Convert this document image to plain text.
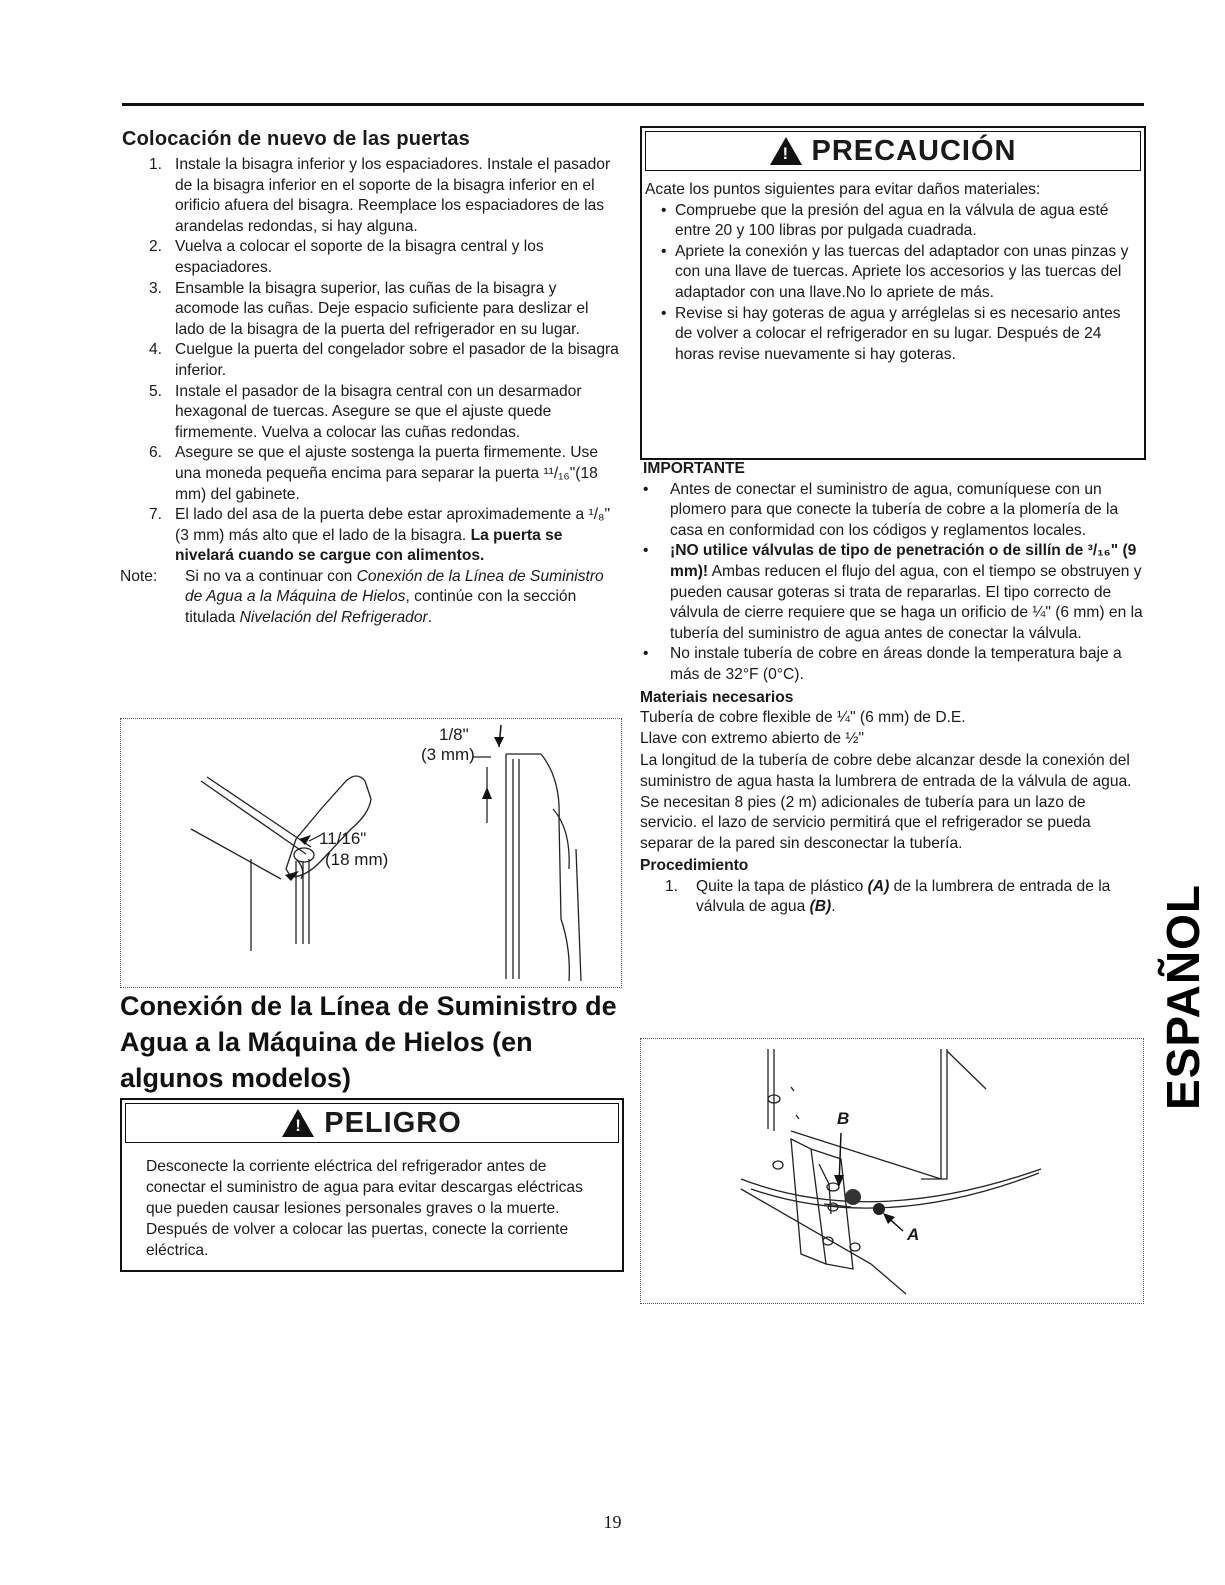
Colocación de nuevo de las puertas
1 . Instale la bisagra inferior y los espaciadores. Instale el pasador de la bisagra inferior en el soporte de la bisagra inferior en el orificio afuera del bisagra. Reemplace los espaciadores de las arandelas redondas, si hay alguna.
2 . Vuelva a colocar el soporte de la bisagra central y los espaciadores.
3 . Ensamble la bisagra superior, las cuñas de la bisagra y acomode las cuñas. Deje espacio suficiente para deslizar el lado de la bisagra de la puerta del refrigerador en su lugar.
4 . Cuelgue la puerta del congelador sobre el pasador de la bisagra inferior.
5 . Instale el pasador de la bisagra central con un desarmador hexagonal de tuercas. Asegure se que el ajuste quede firmemente. Vuelva a colocar las cuñas redondas.
6 . Asegure se que el ajuste sostenga la puerta firmemente. Use una moneda pequeña encima para separar la puerta ¹¹/₁₆"(18 mm) del gabinete.
7 . El lado del asa de la puerta debe estar aproximademente a ¹/₈" (3 mm) más alto que el lado de la bisagra. La puerta se nivelará cuando se cargue con alimentos.
Note: Si no va a continuar con Conexión de la Línea de Suministro de Agua a la Máquina de Hielos, continúe con la sección titulada Nivelación del Refrigerador.
1/8"
(3 mm)
11/16"
(18 mm)
Conexión de la Línea de Suministro de Agua a la Máquina de Hielos (en algunos modelos)
!
PELIGRO
Desconecte la corriente eléctrica del refrigerador antes de conectar el suministro de agua para evitar descargas eléctricas que pueden causar lesiones personales graves o la muerte. Después de volver a colocar las puertas, conecte la corriente eléctrica.
!
PRECAUCIÓN
Acate los puntos siguientes para evitar daños materiales:
• Compruebe que la presión del agua en la válvula de agua esté entre 20 y 100 libras por pulgada cuadrada.
• Apriete la conexión y las tuercas del adaptador con unas pinzas y con una llave de tuercas. Apriete los accesorios y las tuercas del adaptador con una llave.No lo apriete de más.
• Revise si hay goteras de agua y arréglelas si es necesario antes de volver a colocar el refrigerador en su lugar. Después de 24 horas revise nuevamente si hay goteras.
IMPORTANTE
• Antes de conectar el suministro de agua, comuníquese con un plomero para que conecte la tubería de cobre a la plomería de la casa en conformidad con los códigos y reglamentos locales.
• ¡NO utilice válvulas de tipo de penetración o de sillín de ³/₁₆" (9 mm)! Ambas reducen el flujo del agua, con el tiempo se obstruyen y pueden causar goteras si trata de repararlas. El tipo correcto de válvula de cierre requiere que se haga un orificio de ¼" (6 mm) en la tubería del suministro de agua antes de conectar la válvula.
• No instale tubería de cobre en áreas donde la temperatura baje a más de 32°F (0°C).
Materiais necesarios

Tubería de cobre flexible de ¼" (6 mm) de D.E.

Llave con extremo abierto de ½"

La longitud de la tubería de cobre debe alcanzar desde la conexión del suministro de agua hasta la lumbrera de entrada de la válvula de agua. Se necesitan 8 pies (2 m) adicionales de tubería para un lazo de servicio. el lazo de servicio permitirá que el refrigerador se pueda separar de la pared sin desconectar la tubería.

Procedimiento
1 . Quite la tapa de plástico (A) de la lumbrera de entrada de la válvula de agua (B).
B
A
ESPAÑOL
19
